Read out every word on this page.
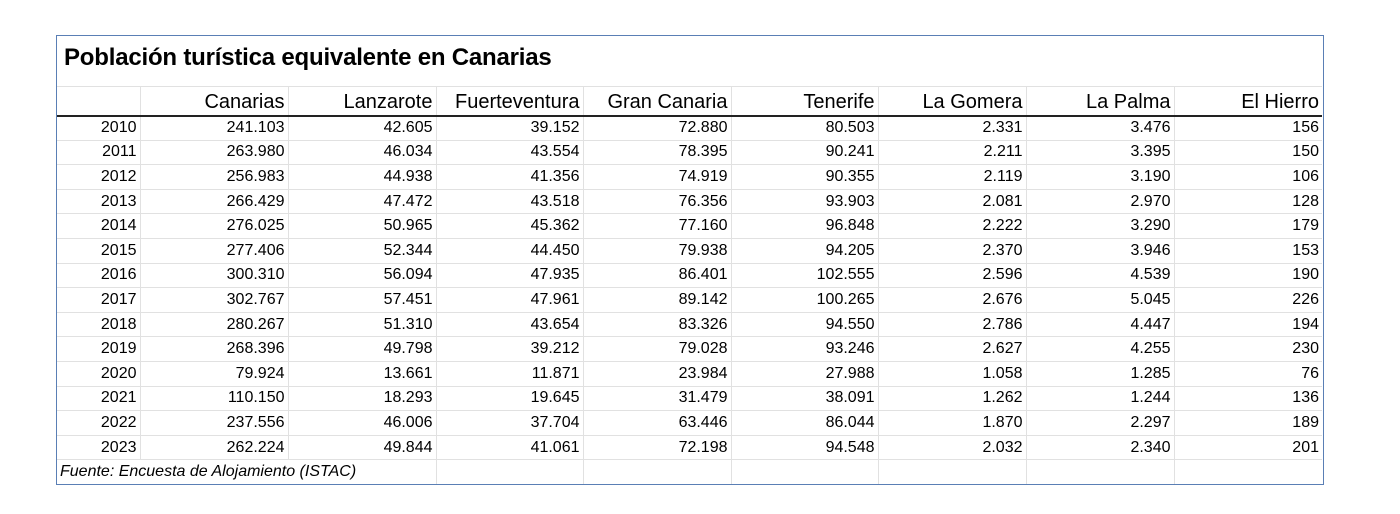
Población turística equivalente en Canarias
	Canarias	Lanzarote	Fuerteventura	Gran Canaria	Tenerife	La Gomera	La Palma	El Hierro
2010	241.103	42.605	39.152	72.880	80.503	2.331	3.476	156
2011	263.980	46.034	43.554	78.395	90.241	2.211	3.395	150
2012	256.983	44.938	41.356	74.919	90.355	2.119	3.190	106
2013	266.429	47.472	43.518	76.356	93.903	2.081	2.970	128
2014	276.025	50.965	45.362	77.160	96.848	2.222	3.290	179
2015	277.406	52.344	44.450	79.938	94.205	2.370	3.946	153
2016	300.310	56.094	47.935	86.401	102.555	2.596	4.539	190
2017	302.767	57.451	47.961	89.142	100.265	2.676	5.045	226
2018	280.267	51.310	43.654	83.326	94.550	2.786	4.447	194
2019	268.396	49.798	39.212	79.028	93.246	2.627	4.255	230
2020	79.924	13.661	11.871	23.984	27.988	1.058	1.285	76
2021	110.150	18.293	19.645	31.479	38.091	1.262	1.244	136
2022	237.556	46.006	37.704	63.446	86.044	1.870	2.297	189
2023	262.224	49.844	41.061	72.198	94.548	2.032	2.340	201
Fuente: Encuesta de Alojamiento (ISTAC)								
